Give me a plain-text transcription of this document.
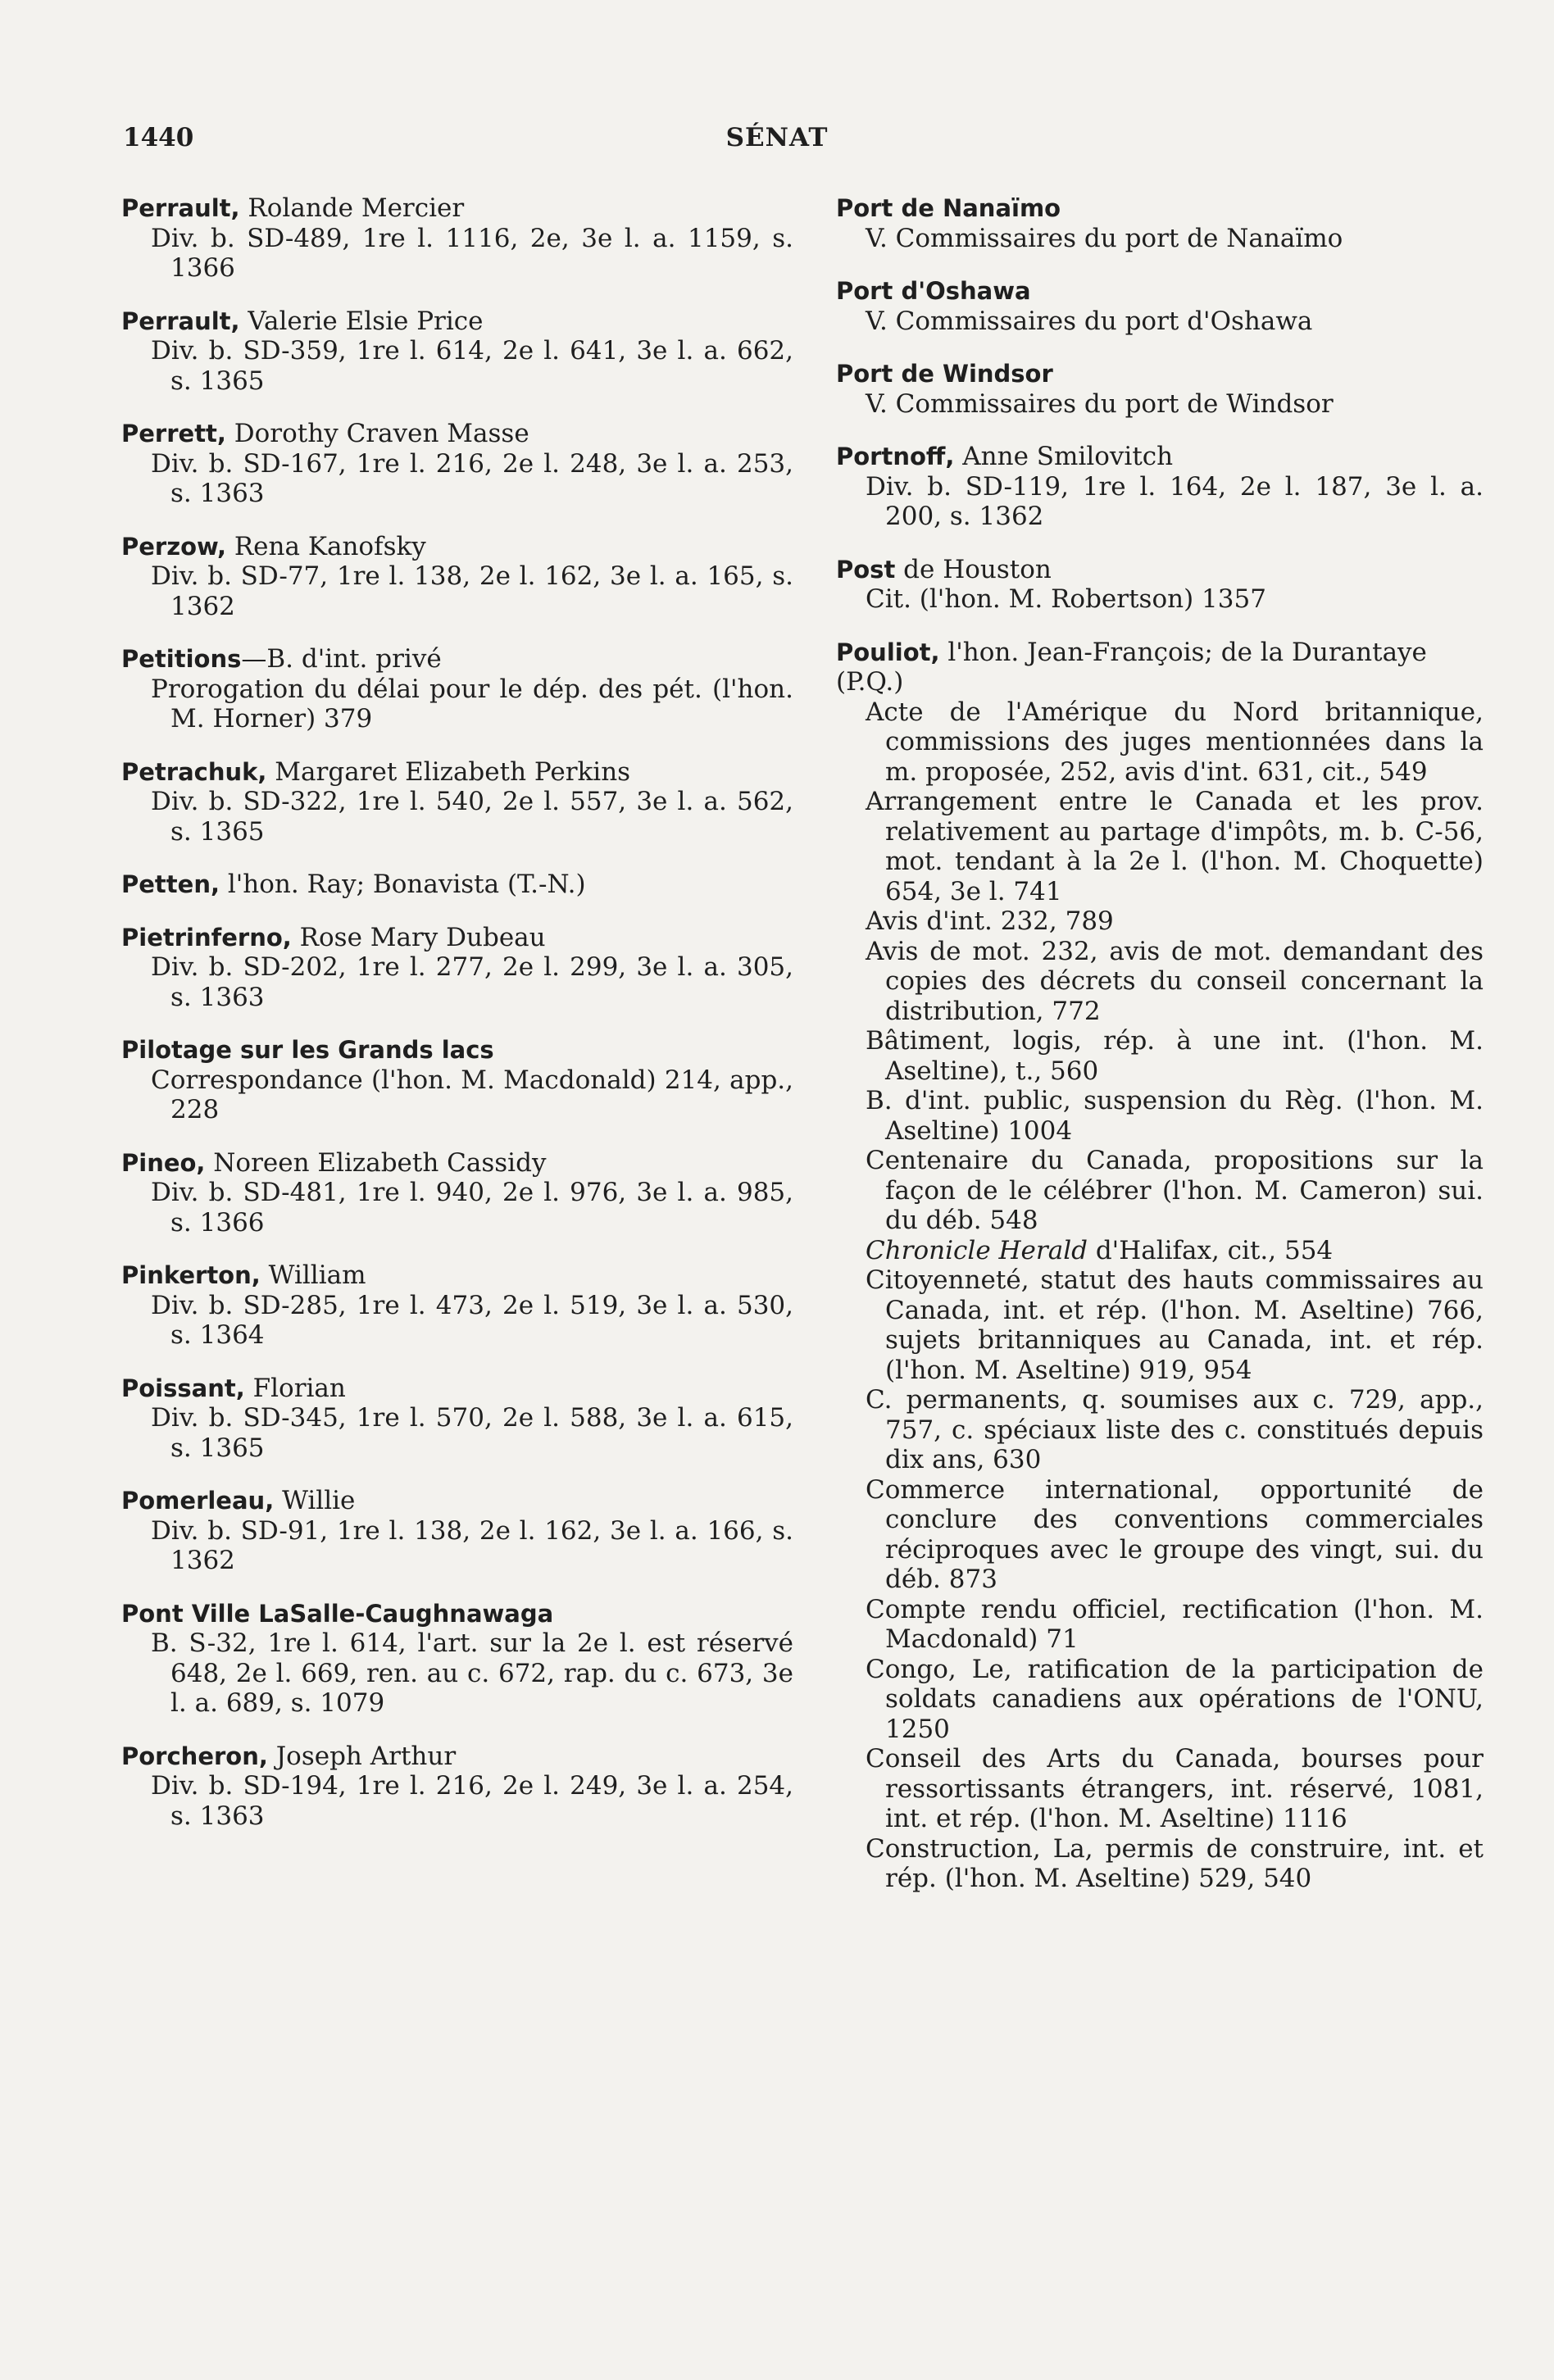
1440	SÉNAT
Perrault, Rolande Mercier
Div. b. SD-489, 1re l. 1116, 2e, 3e l. a. 1159, s. 1366
Perrault, Valerie Elsie Price
Div. b. SD-359, 1re l. 614, 2e l. 641, 3e l. a. 662, s. 1365
Perrett, Dorothy Craven Masse
Div. b. SD-167, 1re l. 216, 2e l. 248, 3e l. a. 253, s. 1363
Perzow, Rena Kanofsky
Div. b. SD-77, 1re l. 138, 2e l. 162, 3e l. a. 165, s. 1362
Petitions—B. d'int. privé
Prorogation du délai pour le dép. des pét. (l'hon. M. Horner) 379
Petrachuk, Margaret Elizabeth Perkins
Div. b. SD-322, 1re l. 540, 2e l. 557, 3e l. a. 562, s. 1365
Petten, l'hon. Ray; Bonavista (T.-N.)
Pietrinferno, Rose Mary Dubeau
Div. b. SD-202, 1re l. 277, 2e l. 299, 3e l. a. 305, s. 1363
Pilotage sur les Grands lacs
Correspondance (l'hon. M. Macdonald) 214, app., 228
Pineo, Noreen Elizabeth Cassidy
Div. b. SD-481, 1re l. 940, 2e l. 976, 3e l. a. 985, s. 1366
Pinkerton, William
Div. b. SD-285, 1re l. 473, 2e l. 519, 3e l. a. 530, s. 1364
Poissant, Florian
Div. b. SD-345, 1re l. 570, 2e l. 588, 3e l. a. 615, s. 1365
Pomerleau, Willie
Div. b. SD-91, 1re l. 138, 2e l. 162, 3e l. a. 166, s. 1362
Pont Ville LaSalle-Caughnawaga
B. S-32, 1re l. 614, l'art. sur la 2e l. est réservé 648, 2e l. 669, ren. au c. 672, rap. du c. 673, 3e l. a. 689, s. 1079
Porcheron, Joseph Arthur
Div. b. SD-194, 1re l. 216, 2e l. 249, 3e l. a. 254, s. 1363
Port de Nanaïmo
V. Commissaires du port de Nanaïmo
Port d'Oshawa
V. Commissaires du port d'Oshawa
Port de Windsor
V. Commissaires du port de Windsor
Portnoff, Anne Smilovitch
Div. b. SD-119, 1re l. 164, 2e l. 187, 3e l. a. 200, s. 1362
Post de Houston
Cit. (l'hon. M. Robertson) 1357
Pouliot, l'hon. Jean-François; de la Durantaye (P.Q.)
Acte de l'Amérique du Nord britannique, commissions des juges mentionnées dans la m. proposée, 252, avis d'int. 631, cit., 549
Arrangement entre le Canada et les prov. relativement au partage d'impôts, m. b. C-56, mot. tendant à la 2e l. (l'hon. M. Choquette) 654, 3e l. 741
Avis d'int. 232, 789
Avis de mot. 232, avis de mot. demandant des copies des décrets du conseil concernant la distribution, 772
Bâtiment, logis, rép. à une int. (l'hon. M. Aseltine), t., 560
B. d'int. public, suspension du Règ. (l'hon. M. Aseltine) 1004
Centenaire du Canada, propositions sur la façon de le célébrer (l'hon. M. Cameron) sui. du déb. 548
Chronicle Herald d'Halifax, cit., 554
Citoyenneté, statut des hauts commissaires au Canada, int. et rép. (l'hon. M. Aseltine) 766, sujets britanniques au Canada, int. et rép. (l'hon. M. Aseltine) 919, 954
C. permanents, q. soumises aux c. 729, app., 757, c. spéciaux liste des c. constitués depuis dix ans, 630
Commerce international, opportunité de conclure des conventions commerciales réciproques avec le groupe des vingt, sui. du déb. 873
Compte rendu officiel, rectification (l'hon. M. Macdonald) 71
Congo, Le, ratification de la participation de soldats canadiens aux opérations de l'ONU, 1250
Conseil des Arts du Canada, bourses pour ressortissants étrangers, int. réservé, 1081, int. et rép. (l'hon. M. Aseltine) 1116
Construction, La, permis de construire, int. et rép. (l'hon. M. Aseltine) 529, 540
